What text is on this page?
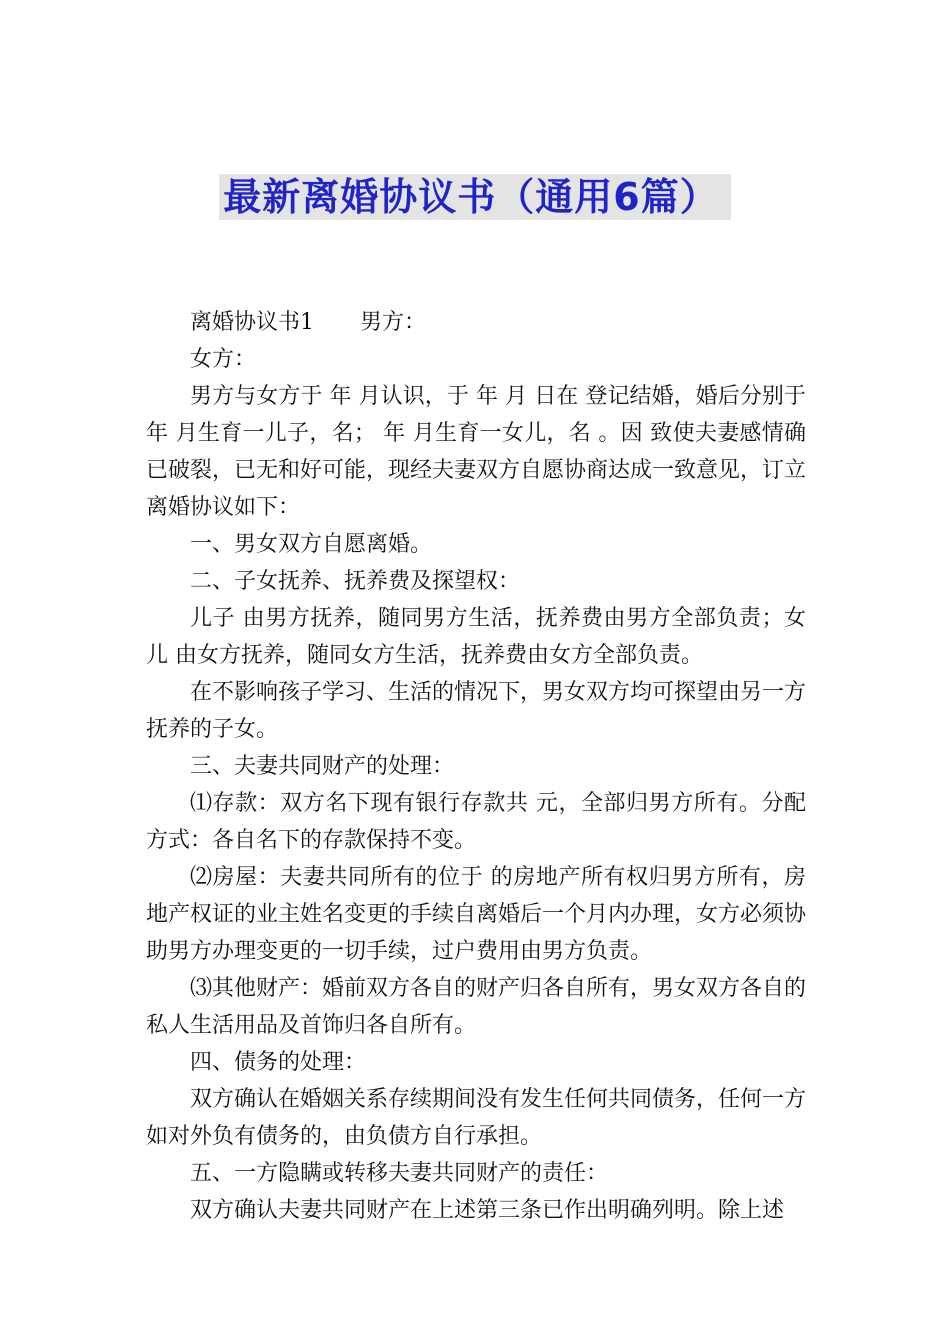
最新离婚协议书（通用6篇）

离婚协议书1 男方：

女方：

男方与女方于 年 月认识，于 年 月 日在 登记结婚，婚后分别于 年 月生育一儿子，名； 年 月生育一女儿，名 。因 致使夫妻感情确已破裂，已无和好可能，现经夫妻双方自愿协商达成一致意见，订立离婚协议如下：

一、男女双方自愿离婚。

二、子女抚养、抚养费及探望权：

儿子 由男方抚养，随同男方生活，抚养费由男方全部负责；女儿 由女方抚养，随同女方生活，抚养费由女方全部负责。

在不影响孩子学习、生活的情况下，男女双方均可探望由另一方抚养的子女。

三、夫妻共同财产的处理：

⑴存款：双方名下现有银行存款共 元，全部归男方所有。分配方式：各自名下的存款保持不变。

⑵房屋：夫妻共同所有的位于 的房地产所有权归男方所有，房地产权证的业主姓名变更的手续自离婚后一个月内办理，女方必须协助男方办理变更的一切手续，过户费用由男方负责。

⑶其他财产：婚前双方各自的财产归各自所有，男女双方各自的私人生活用品及首饰归各自所有。

四、债务的处理：

双方确认在婚姻关系存续期间没有发生任何共同债务，任何一方如对外负有债务的，由负债方自行承担。

五、一方隐瞒或转移夫妻共同财产的责任：

双方确认夫妻共同财产在上述第三条已作出明确列明。除上述
